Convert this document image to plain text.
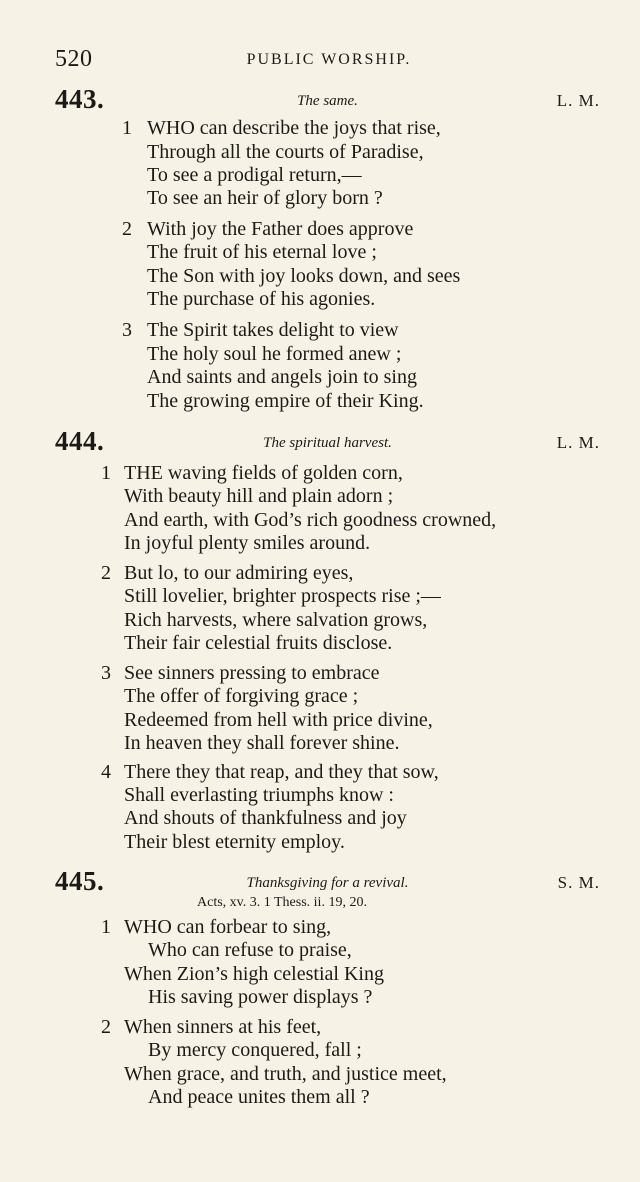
520	PUBLIC WORSHIP.
443.	The same.	L. M.
1 WHO can describe the joys that rise,
Through all the courts of Paradise,
To see a prodigal return,—
To see an heir of glory born ?
2 With joy the Father does approve
The fruit of his eternal love ;
The Son with joy looks down, and sees
The purchase of his agonies.
3 The Spirit takes delight to view
The holy soul he formed anew ;
And saints and angels join to sing
The growing empire of their King.
444.	The spiritual harvest.	L. M.
1 THE waving fields of golden corn,
With beauty hill and plain adorn ;
And earth, with God’s rich goodness crowned,
In joyful plenty smiles around.
2 But lo, to our admiring eyes,
Still lovelier, brighter prospects rise ;—
Rich harvests, where salvation grows,
Their fair celestial fruits disclose.
3 See sinners pressing to embrace
The offer of forgiving grace ;
Redeemed from hell with price divine,
In heaven they shall forever shine.
4 There they that reap, and they that sow,
Shall everlasting triumphs know :
And shouts of thankfulness and joy
Their blest eternity employ.
445.	Thanksgiving for a revival.	S. M.
Acts, xv. 3. 1 Thess. ii. 19, 20.
1 WHO can forbear to sing,
Who can refuse to praise,
When Zion’s high celestial King
His saving power displays ?
2 When sinners at his feet,
By mercy conquered, fall ;
When grace, and truth, and justice meet,
And peace unites them all ?
